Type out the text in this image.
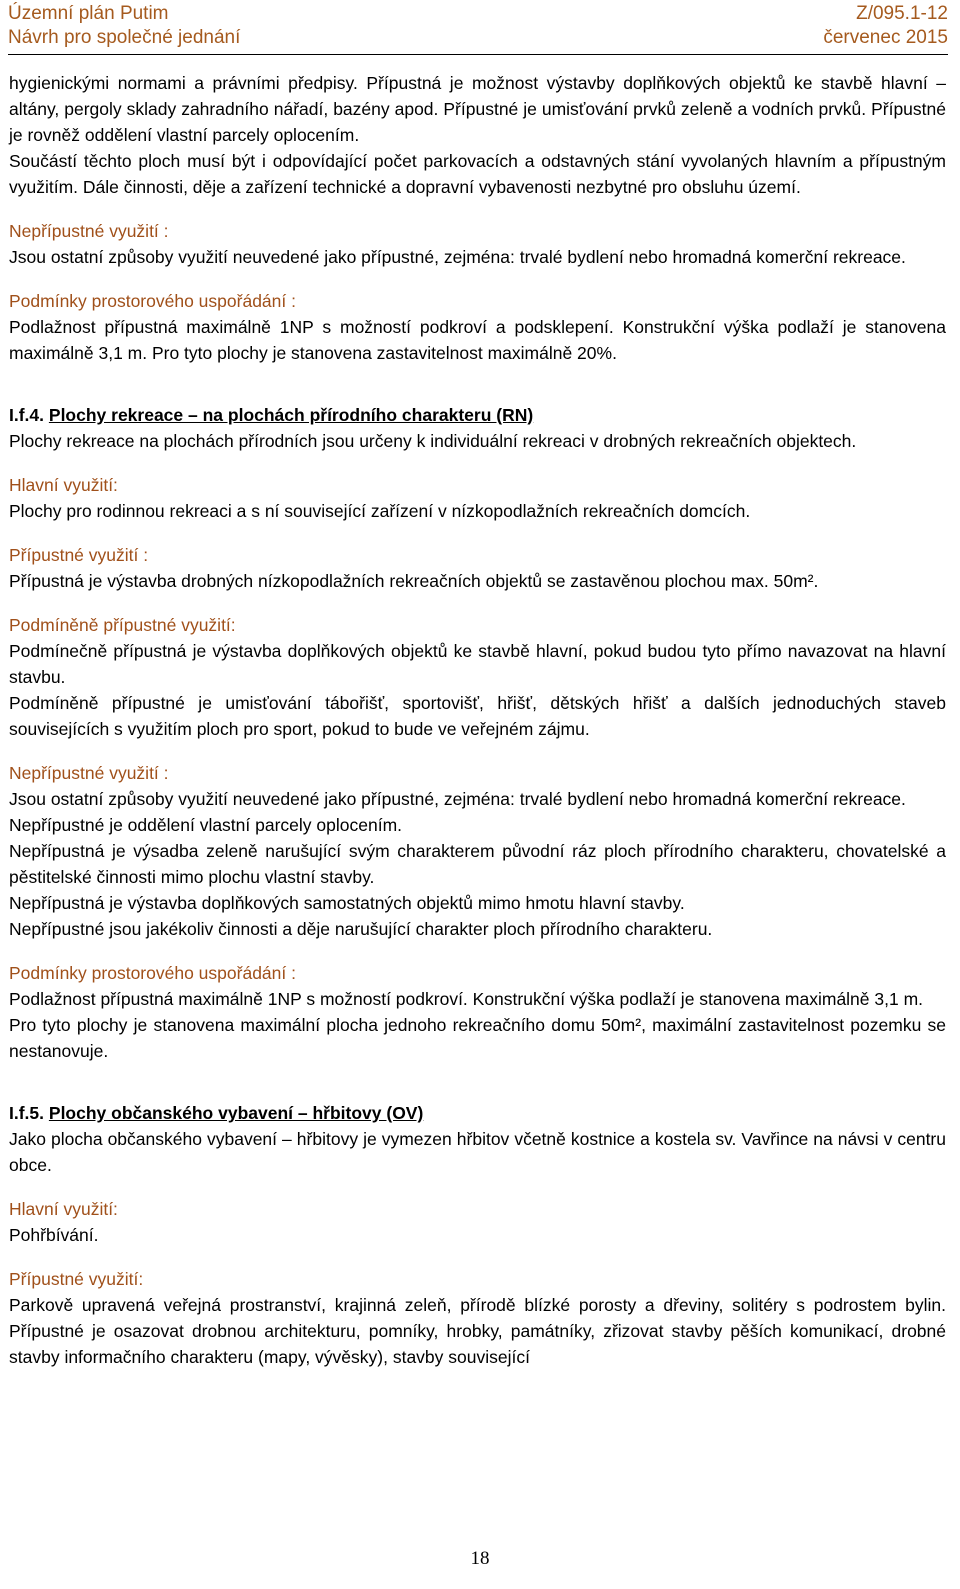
Územní plán Putim
Návrh pro společné jednání
Z/095.1-12
červenec 2015

hygienickými normami a právními předpisy. Přípustná je možnost výstavby doplňkových objektů ke stavbě hlavní – altány, pergoly sklady zahradního nářadí, bazény apod. Přípustné je umisťování prvků zeleně a vodních prvků. Přípustné je rovněž oddělení vlastní parcely oplocením.

Součástí těchto ploch musí být i odpovídající počet parkovacích a odstavných stání vyvolaných hlavním a přípustným využitím. Dále činnosti, děje a zařízení technické a dopravní vybavenosti nezbytné pro obsluhu území.

Nepřípustné využití :

Jsou ostatní způsoby využití neuvedené jako přípustné, zejména: trvalé bydlení nebo hromadná komerční rekreace.

Podmínky prostorového uspořádání :

Podlažnost přípustná maximálně 1NP s možností podkroví a podsklepení. Konstrukční výška podlaží je stanovena maximálně 3,1 m. Pro tyto plochy je stanovena zastavitelnost maximálně 20%.

I.f.4. Plochy rekreace – na plochách přírodního charakteru (RN)

Plochy rekreace na plochách přírodních jsou určeny k individuální rekreaci v drobných rekreačních objektech.

Hlavní využití:

Plochy pro rodinnou rekreaci a s ní související zařízení v nízkopodlažních rekreačních domcích.

Přípustné využití :

Přípustná je výstavba drobných nízkopodlažních rekreačních objektů se zastavěnou plochou max. 50m².

Podmíněně přípustné využití:

Podmínečně přípustná je výstavba doplňkových objektů ke stavbě hlavní, pokud budou tyto přímo navazovat na hlavní stavbu.

Podmíněně přípustné je umisťování tábořišť, sportovišť, hřišť, dětských hřišť a dalších jednoduchých staveb souvisejících s využitím ploch pro sport, pokud to bude ve veřejném zájmu.

Nepřípustné využití :

Jsou ostatní způsoby využití neuvedené jako přípustné, zejména: trvalé bydlení nebo hromadná komerční rekreace.

Nepřípustné je oddělení vlastní parcely oplocením.

Nepřípustná je výsadba zeleně narušující svým charakterem původní ráz ploch přírodního charakteru, chovatelské a pěstitelské činnosti mimo plochu vlastní stavby.

Nepřípustná je výstavba doplňkových samostatných objektů mimo hmotu hlavní stavby.

Nepřípustné jsou jakékoliv činnosti a děje narušující charakter ploch přírodního charakteru.

Podmínky prostorového uspořádání :

Podlažnost přípustná maximálně 1NP s možností podkroví. Konstrukční výška podlaží je stanovena maximálně 3,1 m.

Pro tyto plochy je stanovena maximální plocha jednoho rekreačního domu 50m², maximální zastavitelnost pozemku se nestanovuje.

I.f.5. Plochy občanského vybavení – hřbitovy (OV)

Jako plocha občanského vybavení – hřbitovy je vymezen hřbitov včetně kostnice a kostela sv. Vavřince na návsi v centru obce.

Hlavní využití:

Pohřbívání.

Přípustné využití:

Parkově upravená veřejná prostranství, krajinná zeleň, přírodě blízké porosty a dřeviny, solitéry s podrostem bylin. Přípustné je osazovat drobnou architekturu, pomníky, hrobky, památníky, zřizovat stavby pěších komunikací, drobné stavby informačního charakteru (mapy, vývěsky), stavby související

18
